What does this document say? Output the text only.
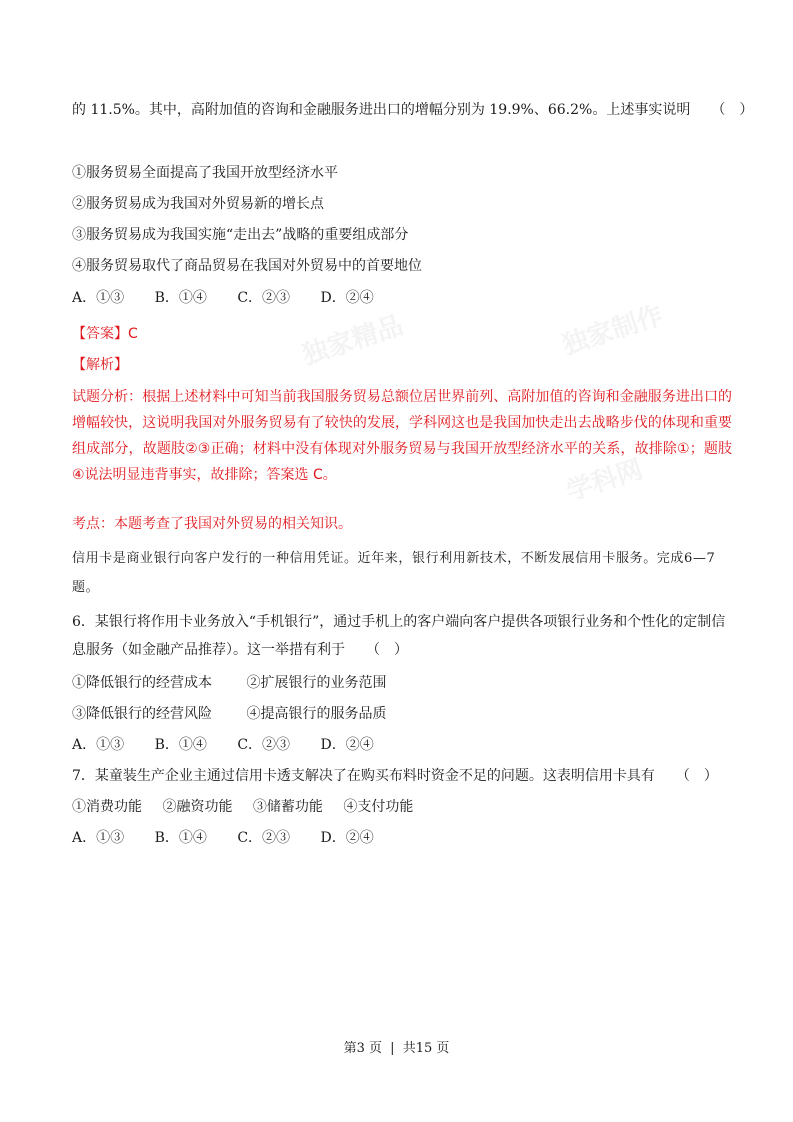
的 11.5%。其中，高附加值的咨询和金融服务进出口的增幅分别为 19.9%、66.2%。上述事实说明　　（　）
①服务贸易全面提高了我国开放型经济水平
②服务贸易成为我国对外贸易新的增长点
③服务贸易成为我国实施“走出去”战略的重要组成部分
④服务贸易取代了商品贸易在我国对外贸易中的首要地位
A．①③ B．①④ C．②③ D．②④
【答案】C
【解析】
试题分析：根据上述材料中可知当前我国服务贸易总额位居世界前列、高附加值的咨询和金融服务进出口的增幅较快，这说明我国对外服务贸易有了较快的发展，学科网这也是我国加快走出去战略步伐的体现和重要组成部分，故题肢②③正确；材料中没有体现对外服务贸易与我国开放型经济水平的关系，故排除①；题肢④说法明显违背事实，故排除；答案选 C。
考点：本题考查了我国对外贸易的相关知识。
信用卡是商业银行向客户发行的一种信用凭证。近年来，银行利用新技术，不断发展信用卡服务。完成6—7 题。
6．某银行将作用卡业务放入“手机银行”，通过手机上的客户端向客户提供各项银行业务和个性化的定制信息服务（如金融产品推荐）。这一举措有利于　　（　）
①降低银行的经营成本 ②扩展银行的业务范围
③降低银行的经营风险 ④提高银行的服务品质
A．①③ B．①④ C．②③ D．②④
7．某童装生产企业主通过信用卡透支解决了在购买布料时资金不足的问题。这表明信用卡具有　　（　）
①消费功能 ②融资功能 ③储蓄功能 ④支付功能
A．①③ B．①④ C．②③ D．②④
独家精品
学科网
独家制作
第3 页 | 共15 页
